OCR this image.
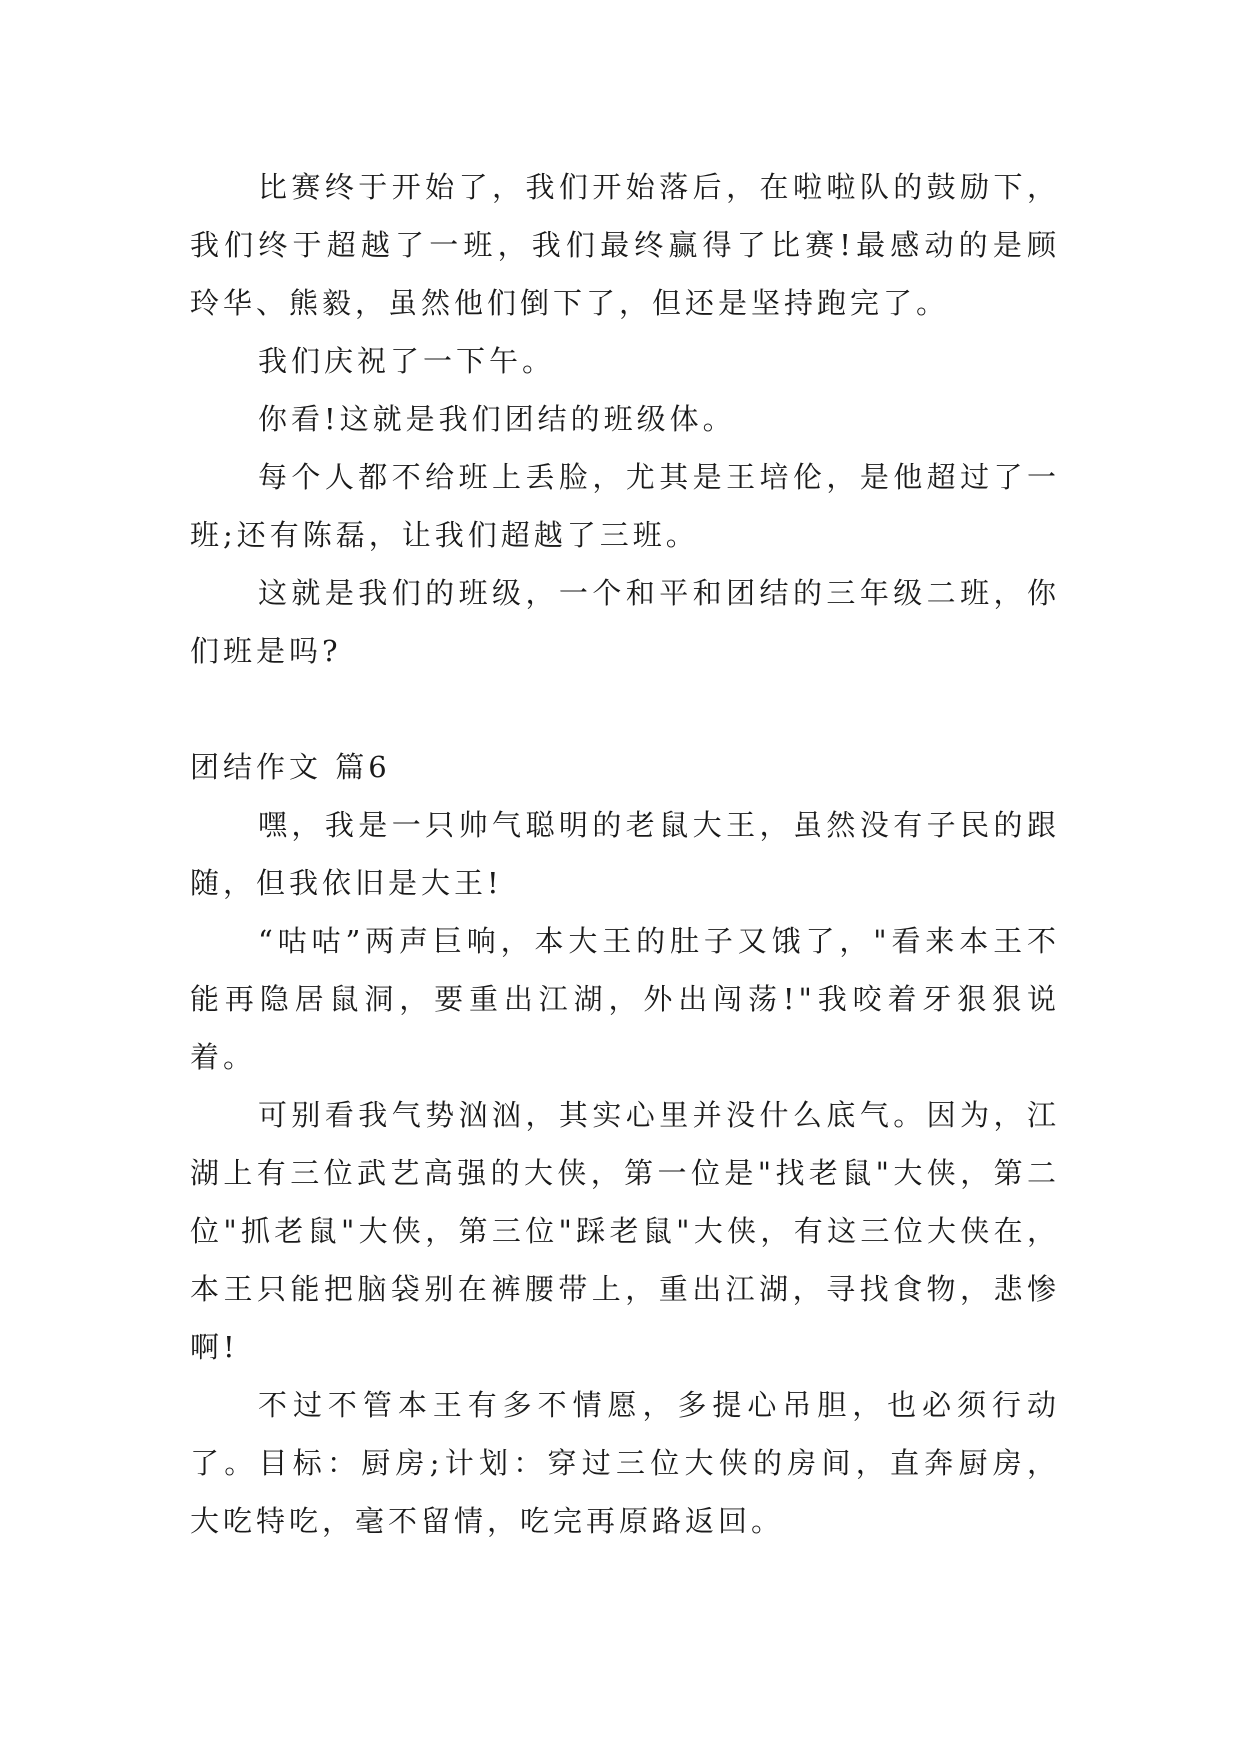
比赛终于开始了，我们开始落后，在啦啦队的鼓励下，我们终于超越了一班，我们最终赢得了比赛!最感动的是顾玲华、熊毅，虽然他们倒下了，但还是坚持跑完了。

我们庆祝了一下午。

你看!这就是我们团结的班级体。

每个人都不给班上丢脸，尤其是王培伦，是他超过了一班;还有陈磊，让我们超越了三班。

这就是我们的班级，一个和平和团结的三年级二班，你们班是吗?

团结作文 篇6

嘿，我是一只帅气聪明的老鼠大王，虽然没有子民的跟随，但我依旧是大王!

“咕咕”两声巨响，本大王的肚子又饿了，"看来本王不能再隐居鼠洞，要重出江湖，外出闯荡!"我咬着牙狠狠说着。

可别看我气势汹汹，其实心里并没什么底气。因为，江湖上有三位武艺高强的大侠，第一位是"找老鼠"大侠，第二位"抓老鼠"大侠，第三位"踩老鼠"大侠，有这三位大侠在，本王只能把脑袋别在裤腰带上，重出江湖，寻找食物，悲惨啊!

不过不管本王有多不情愿，多提心吊胆，也必须行动了。目标：厨房;计划：穿过三位大侠的房间，直奔厨房，大吃特吃，毫不留情，吃完再原路返回。
